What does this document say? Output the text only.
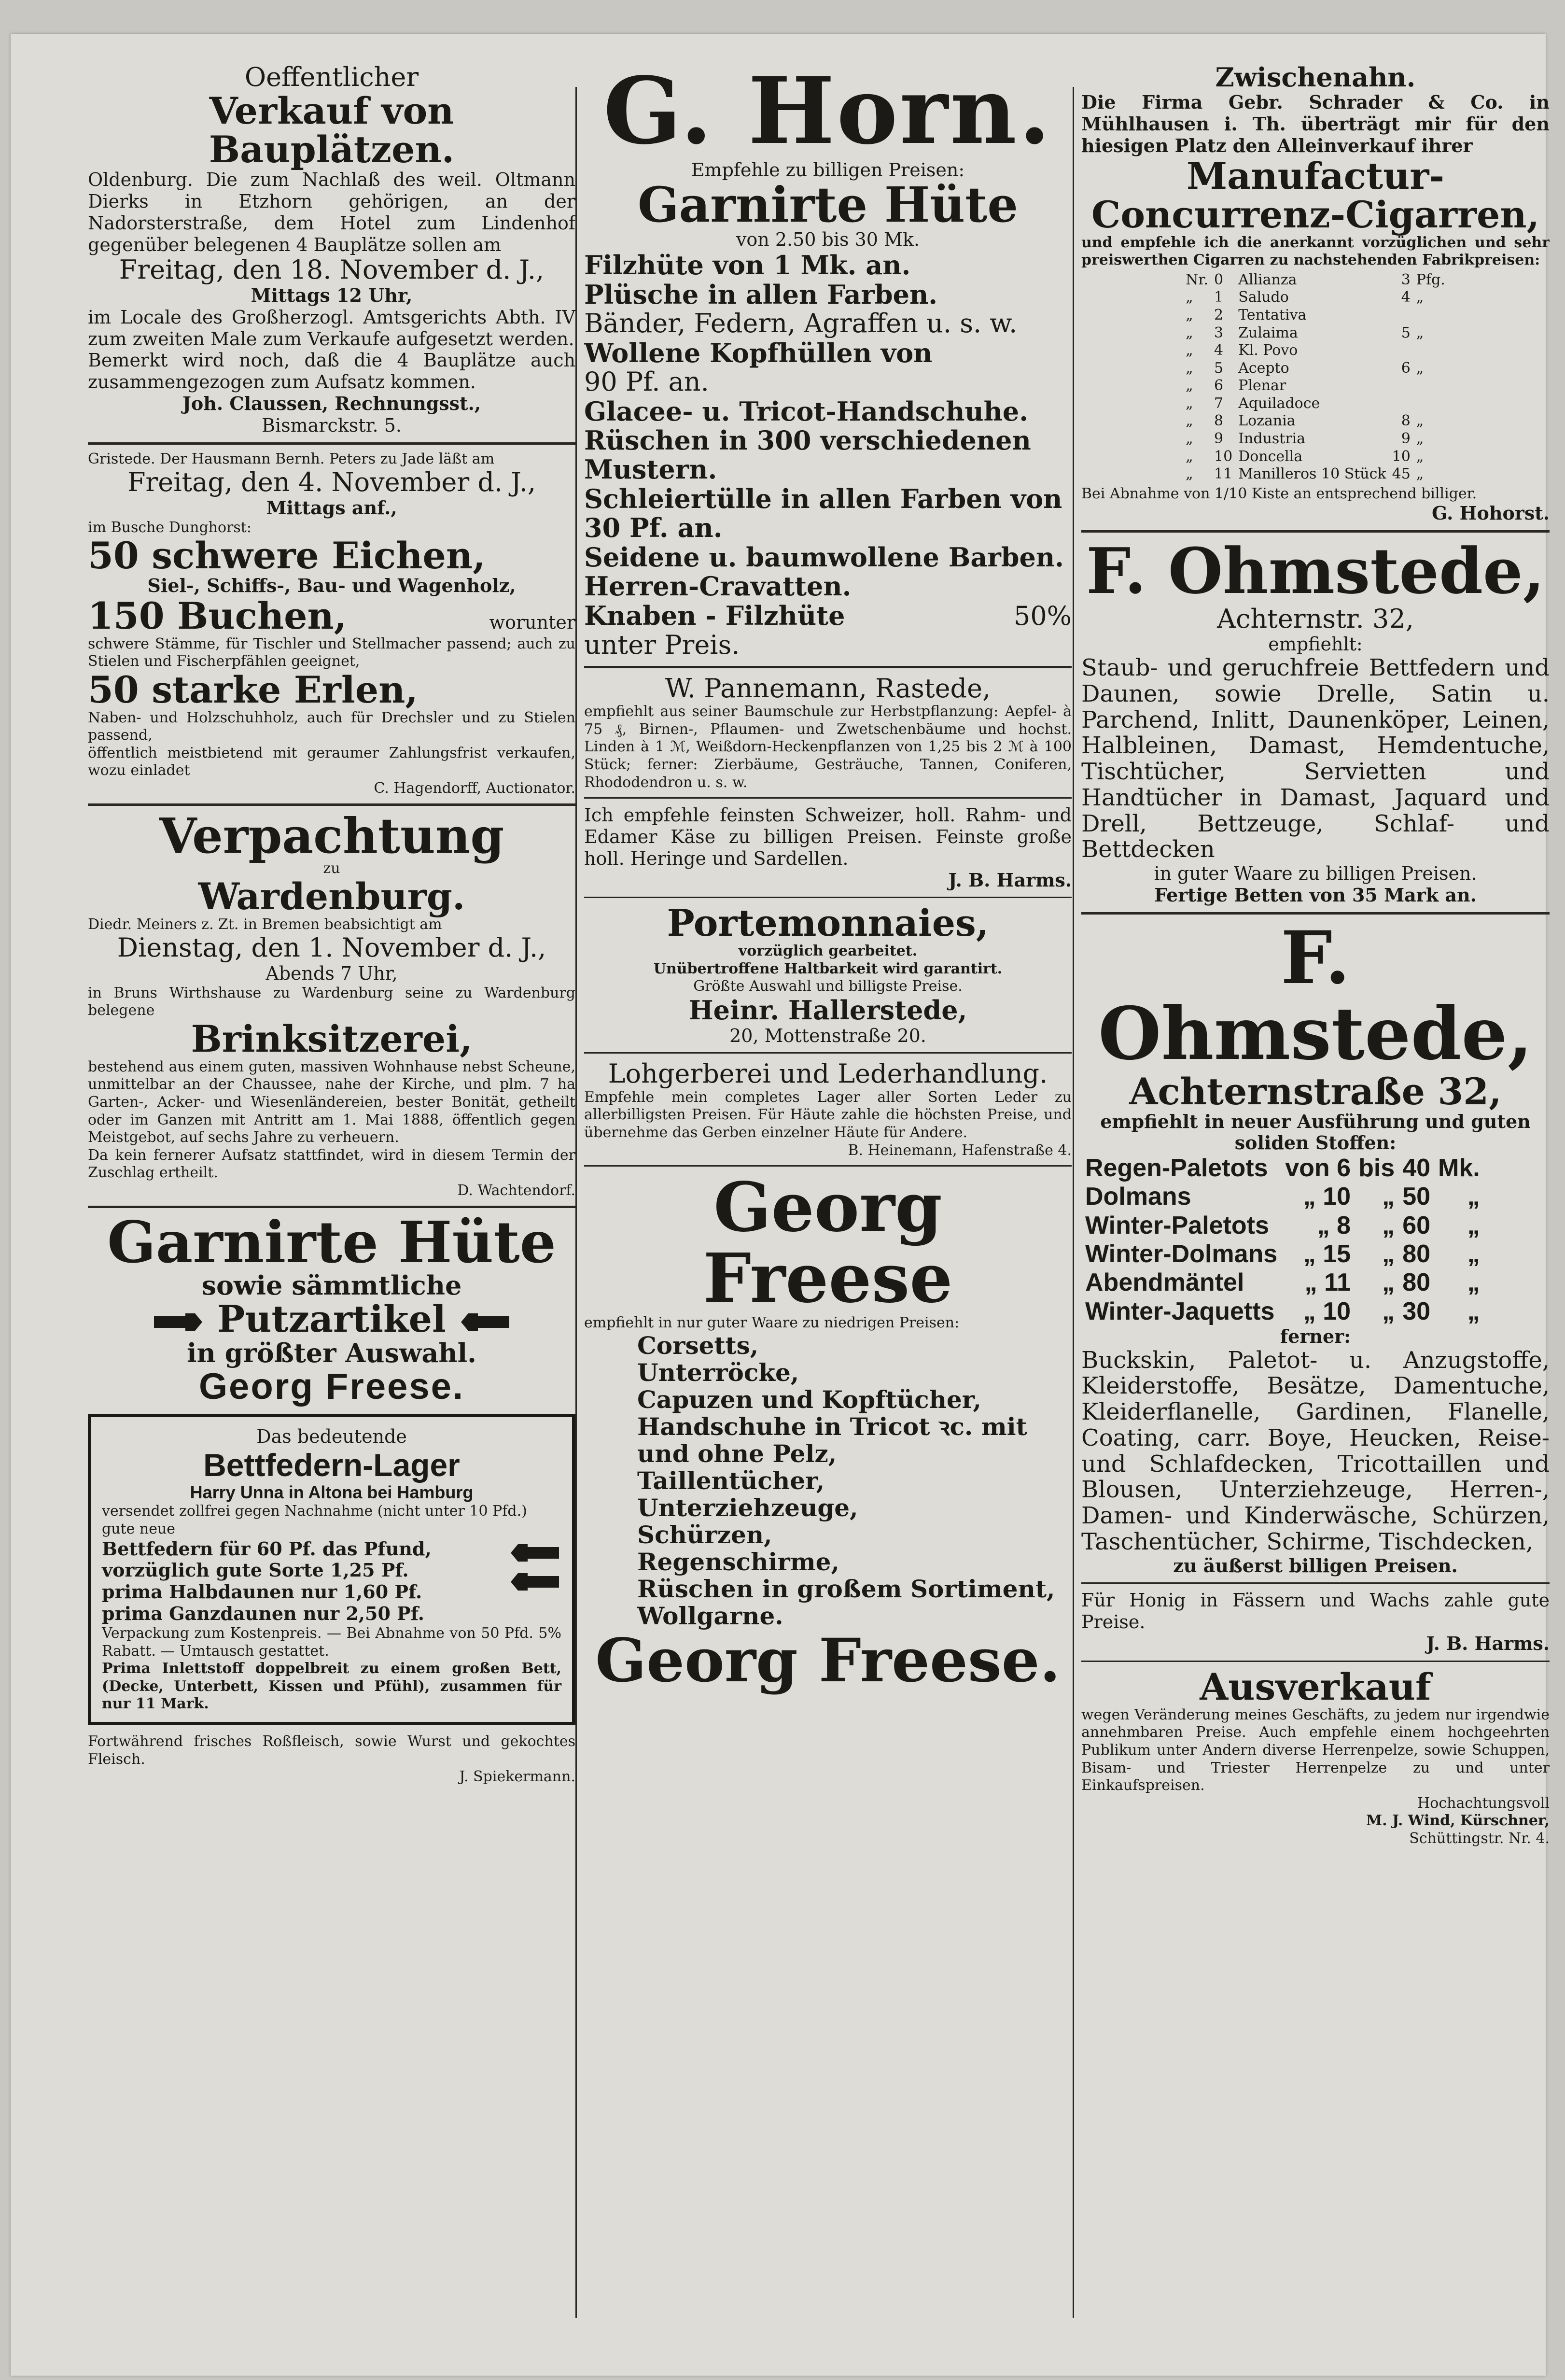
Oeffentlicher

Verkauf von Bauplätzen.

Oldenburg. Die zum Nachlaß des weil. Oltmann Dierks in Etzhorn gehörigen, an der Nadorsterstraße, dem Hotel zum Lindenhof gegenüber belegenen 4 Bauplätze sollen am

Freitag, den 18. November d. J.,

Mittags 12 Uhr,

im Locale des Großherzogl. Amtsgerichts Abth. IV zum zweiten Male zum Verkaufe aufgesetzt werden.

Bemerkt wird noch, daß die 4 Bauplätze auch zusammengezogen zum Aufsatz kommen.

Joh. Claussen, Rechnungsst.,

Bismarckstr. 5.

Gristede. Der Hausmann Bernh. Peters zu Jade läßt am

Freitag, den 4. November d. J.,

Mittags anf.,

im Busche Dunghorst:

50 schwere Eichen,

Siel-, Schiffs-, Bau- und Wagenholz,

150 Buchen,	worunter

schwere Stämme, für Tischler und Stellmacher passend; auch zu Stielen und Fischerpfählen geeignet,

50 starke Erlen,

Naben- und Holzschuhholz, auch für Drechsler und zu Stielen passend,

öffentlich meistbietend mit geraumer Zahlungsfrist verkaufen, wozu einladet

C. Hagendorff, Auctionator.

Verpachtung

zu

Wardenburg.

Diedr. Meiners z. Zt. in Bremen beabsichtigt am

Dienstag, den 1. November d. J.,

Abends 7 Uhr,

in Bruns Wirthshause zu Wardenburg seine zu Wardenburg belegene

Brinksitzerei,

bestehend aus einem guten, massiven Wohnhause nebst Scheune, unmittelbar an der Chaussee, nahe der Kirche, und plm. 7 ha Garten-, Acker- und Wiesenländereien, bester Bonität, getheilt oder im Ganzen mit Antritt am 1. Mai 1888, öffentlich gegen Meistgebot, auf sechs Jahre zu verheuern.

Da kein fernerer Aufsatz stattfindet, wird in diesem Termin der Zuschlag ertheilt.

D. Wachtendorf.

Garnirte Hüte

sowie sämmtliche

Putzartikel

in größter Auswahl.

Georg Freese.

Das bedeutende

Bettfedern-Lager

Harry Unna in Altona bei Hamburg

versendet zollfrei gegen Nachnahme (nicht unter 10 Pfd.) gute neue

Bettfedern für 60 Pf. das Pfund,

vorzüglich gute Sorte 1,25 Pf.

prima Halbdaunen nur 1,60 Pf.

prima Ganzdaunen nur 2,50 Pf.

Verpackung zum Kostenpreis. — Bei Abnahme von 50 Pfd. 5% Rabatt. — Umtausch gestattet.

Prima Inlettstoff doppelbreit zu einem großen Bett, (Decke, Unterbett, Kissen und Pfühl), zusammen für nur 11 Mark.

Fortwährend frisches Roßfleisch, sowie Wurst und gekochtes Fleisch.

J. Spiekermann.

G. Horn.

Empfehle zu billigen Preisen:

Garnirte Hüte

von 2.50 bis 30 Mk.

Filzhüte von 1 Mk. an.

Plüsche in allen Farben.

Bänder, Federn, Agraffen u. s. w.

Wollene Kopfhüllen von

90 Pf. an.

Glacee- u. Tricot-Handschuhe.

Rüschen in 300 verschiedenen Mustern.

Schleiertülle in allen Farben von 30 Pf. an.

Seidene u. baumwollene Barben.

Herren-Cravatten.

Knaben - Filzhüte	50%

unter Preis.

W. Pannemann, Rastede,

empfiehlt aus seiner Baumschule zur Herbstpflanzung: Aepfel- à 75 ₰, Birnen-, Pflaumen- und Zwetschenbäume und hochst. Linden à 1 ℳ, Weißdorn-Heckenpflanzen von 1,25 bis 2 ℳ à 100 Stück; ferner: Zierbäume, Gesträuche, Tannen, Coniferen, Rhododendron u. s. w.

Ich empfehle feinsten Schweizer, holl. Rahm- und Edamer Käse zu billigen Preisen. Feinste große holl. Heringe und Sardellen.

J. B. Harms.

Portemonnaies,

vorzüglich gearbeitet.

Unübertroffene Haltbarkeit wird garantirt.

Größte Auswahl und billigste Preise.

Heinr. Hallerstede,

20, Mottenstraße 20.

Lohgerberei und Lederhandlung.

Empfehle mein completes Lager aller Sorten Leder zu allerbilligsten Preisen. Für Häute zahle die höchsten Preise, und übernehme das Gerben einzelner Häute für Andere.

B. Heinemann, Hafenstraße 4.

Georg Freese

empfiehlt in nur guter Waare zu niedrigen Preisen:

Corsetts,

Unterröcke,

Capuzen und Kopftücher,

Handschuhe in Tricot ꝛc. mit

und ohne Pelz,

Taillentücher,

Unterziehzeuge,

Schürzen,

Regenschirme,

Rüschen in großem Sortiment,

Wollgarne.

Georg Freese.

Zwischenahn.

Die Firma Gebr. Schrader & Co. in Mühlhausen i. Th. überträgt mir für den hiesigen Platz den Alleinverkauf ihrer

Manufactur-Concurrenz-Cigarren,

und empfehle ich die anerkannt vorzüglichen und sehr preiswerthen Cigarren zu nachstehenden Fabrikpreisen:

Nr.	0	Allianza	3	Pfg.
„	1	Saludo	4	„
„	2	Tentativa		
„	3	Zulaima	5	„
„	4	Kl. Povo		
„	5	Acepto	6	„
„	6	Plenar		
„	7	Aquiladoce		
„	8	Lozania	8	„
„	9	Industria	9	„
„	10	Doncella	10	„
„	11	Manilleros 10 Stück	45	„

Bei Abnahme von 1/10 Kiste an entsprechend billiger.

G. Hohorst.

F. Ohmstede,

Achternstr. 32,

empfiehlt:

Staub- und geruchfreie Bettfedern und Daunen, sowie Drelle, Satin u. Parchend, Inlitt, Daunenköper, Leinen, Halbleinen, Damast, Hemdentuche, Tischtücher, Servietten und Handtücher in Damast, Jaquard und Drell, Bettzeuge, Schlaf- und Bettdecken

in guter Waare zu billigen Preisen.

Fertige Betten von 35 Mark an.

F. Ohmstede,

Achternstraße 32,

empfiehlt in neuer Ausführung und guten soliden Stoffen:

Regen-Paletots	von 6	bis	40	Mk.
Dolmans	„ 10	„	50	„
Winter-Paletots	„ 8	„	60	„
Winter-Dolmans	„ 15	„	80	„
Abendmäntel	„ 11	„	80	„
Winter-Jaquetts	„ 10	„	30	„

ferner:

Buckskin, Paletot- u. Anzugstoffe, Kleiderstoffe, Besätze, Damentuche, Kleiderflanelle, Gardinen, Flanelle, Coating, carr. Boye, Heucken, Reise- und Schlafdecken, Tricottaillen und Blousen, Unterziehzeuge, Herren-, Damen- und Kinderwäsche, Schürzen, Taschentücher, Schirme, Tischdecken,

zu äußerst billigen Preisen.

Für Honig in Fässern und Wachs zahle gute Preise.

J. B. Harms.

Ausverkauf

wegen Veränderung meines Geschäfts, zu jedem nur irgendwie annehmbaren Preise. Auch empfehle einem hochgeehrten Publikum unter Andern diverse Herrenpelze, sowie Schuppen, Bisam- und Triester Herrenpelze zu und unter Einkaufspreisen.

Hochachtungsvoll

M. J. Wind, Kürschner,

Schüttingstr. Nr. 4.
